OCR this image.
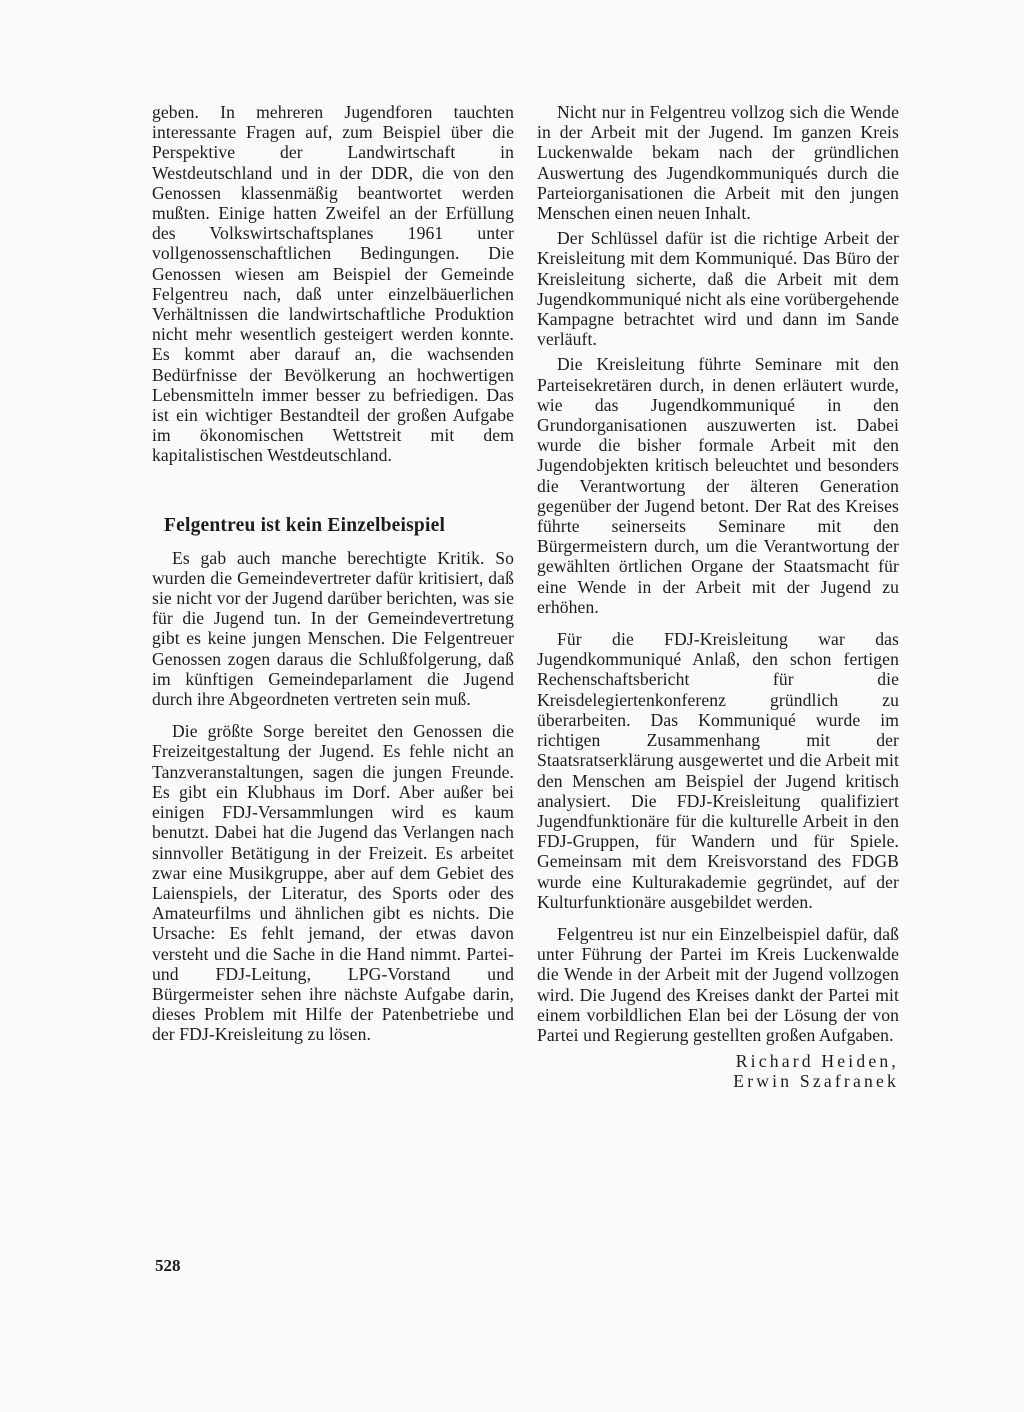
geben. In mehreren Jugendforen tauchten interessante Fragen auf, zum Beispiel über die Perspektive der Landwirtschaft in Westdeutschland und in der DDR, die von den Genossen klassenmäßig beantwortet werden mußten. Einige hatten Zweifel an der Erfüllung des Volkswirtschaftsplanes 1961 unter vollgenossenschaftlichen Bedingungen. Die Genossen wiesen am Beispiel der Gemeinde Felgentreu nach, daß unter einzelbäuerlichen Verhältnissen die landwirtschaftliche Produktion nicht mehr wesentlich gesteigert werden konnte. Es kommt aber darauf an, die wachsenden Bedürfnisse der Bevölkerung an hochwertigen Lebensmitteln immer besser zu befriedigen. Das ist ein wichtiger Bestandteil der großen Aufgabe im ökonomischen Wettstreit mit dem kapitalistischen Westdeutschland.

Felgentreu ist kein Einzelbeispiel

Es gab auch manche berechtigte Kritik. So wurden die Gemeindevertreter dafür kritisiert, daß sie nicht vor der Jugend darüber berichten, was sie für die Jugend tun. In der Gemeindevertretung gibt es keine jungen Menschen. Die Felgentreuer Genossen zogen daraus die Schlußfolgerung, daß im künftigen Gemeindeparlament die Jugend durch ihre Abgeordneten vertreten sein muß.

Die größte Sorge bereitet den Genossen die Freizeitgestaltung der Jugend. Es fehle nicht an Tanzveranstaltungen, sagen die jungen Freunde. Es gibt ein Klubhaus im Dorf. Aber außer bei einigen FDJ-Versammlungen wird es kaum benutzt. Dabei hat die Jugend das Verlangen nach sinnvoller Betätigung in der Freizeit. Es arbeitet zwar eine Musikgruppe, aber auf dem Gebiet des Laienspiels, der Literatur, des Sports oder des Amateurfilms und ähnlichen gibt es nichts. Die Ursache: Es fehlt jemand, der etwas davon versteht und die Sache in die Hand nimmt. Partei- und FDJ-Leitung, LPG-Vorstand und Bürgermeister sehen ihre nächste Aufgabe darin, dieses Problem mit Hilfe der Patenbetriebe und der FDJ-Kreisleitung zu lösen.

Nicht nur in Felgentreu vollzog sich die Wende in der Arbeit mit der Jugend. Im ganzen Kreis Luckenwalde bekam nach der gründlichen Auswertung des Jugendkommuniqués durch die Parteiorganisationen die Arbeit mit den jungen Menschen einen neuen Inhalt.

Der Schlüssel dafür ist die richtige Arbeit der Kreisleitung mit dem Kommuniqué. Das Büro der Kreisleitung sicherte, daß die Arbeit mit dem Jugendkommuniqué nicht als eine vorübergehende Kampagne betrachtet wird und dann im Sande verläuft.

Die Kreisleitung führte Seminare mit den Parteisekretären durch, in denen erläutert wurde, wie das Jugendkommuniqué in den Grundorganisationen auszuwerten ist. Dabei wurde die bisher formale Arbeit mit den Jugendobjekten kritisch beleuchtet und besonders die Verantwortung der älteren Generation gegenüber der Jugend betont. Der Rat des Kreises führte seinerseits Seminare mit den Bürgermeistern durch, um die Verantwortung der gewählten örtlichen Organe der Staatsmacht für eine Wende in der Arbeit mit der Jugend zu erhöhen.

Für die FDJ-Kreisleitung war das Jugendkommuniqué Anlaß, den schon fertigen Rechenschaftsbericht für die Kreisdelegiertenkonferenz gründlich zu überarbeiten. Das Kommuniqué wurde im richtigen Zusammenhang mit der Staatsratserklärung ausgewertet und die Arbeit mit den Menschen am Beispiel der Jugend kritisch analysiert. Die FDJ-Kreisleitung qualifiziert Jugendfunktionäre für die kulturelle Arbeit in den FDJ-Gruppen, für Wandern und für Spiele. Gemeinsam mit dem Kreisvorstand des FDGB wurde eine Kulturakademie gegründet, auf der Kulturfunktionäre ausgebildet werden.

Felgentreu ist nur ein Einzelbeispiel dafür, daß unter Führung der Partei im Kreis Luckenwalde die Wende in der Arbeit mit der Jugend vollzogen wird. Die Jugend des Kreises dankt der Partei mit einem vorbildlichen Elan bei der Lösung der von Partei und Regierung gestellten großen Aufgaben.

Richard Heiden,
Erwin Szafranek
528
